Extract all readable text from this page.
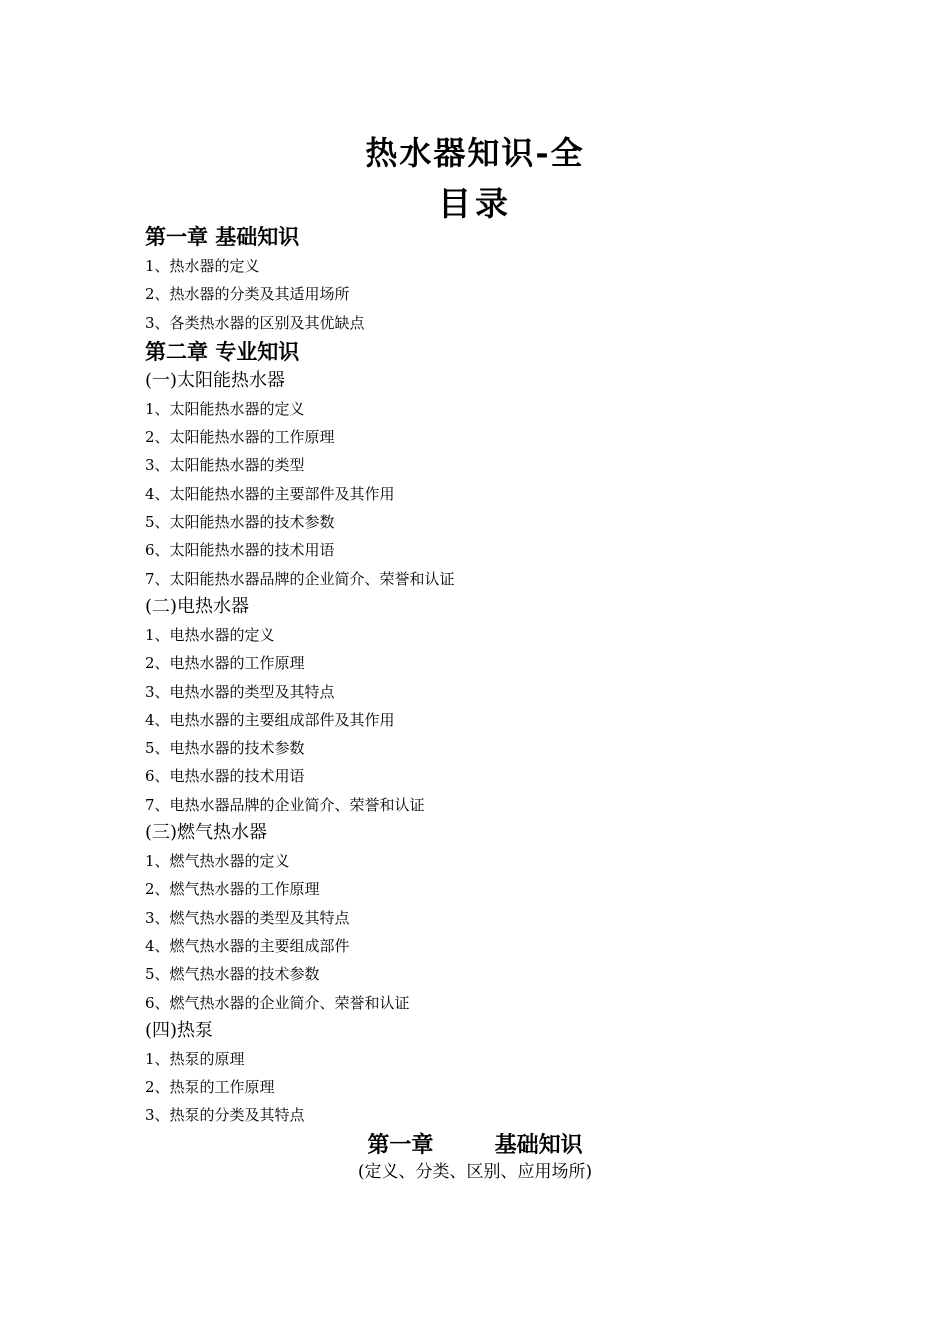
热水器知识-全
目录
第一章 基础知识
1、热水器的定义
2、热水器的分类及其适用场所
3、各类热水器的区别及其优缺点
第二章 专业知识
(一)太阳能热水器
1、太阳能热水器的定义
2、太阳能热水器的工作原理
3、太阳能热水器的类型
4、太阳能热水器的主要部件及其作用
5、太阳能热水器的技术参数
6、太阳能热水器的技术用语
7、太阳能热水器品牌的企业简介、荣誉和认证
(二)电热水器
1、电热水器的定义
2、电热水器的工作原理
3、电热水器的类型及其特点
4、电热水器的主要组成部件及其作用
5、电热水器的技术参数
6、电热水器的技术用语
7、电热水器品牌的企业简介、荣誉和认证
(三)燃气热水器
1、燃气热水器的定义
2、燃气热水器的工作原理
3、燃气热水器的类型及其特点
4、燃气热水器的主要组成部件
5、燃气热水器的技术参数
6、燃气热水器的企业简介、荣誉和认证
(四)热泵
1、热泵的原理
2、热泵的工作原理
3、热泵的分类及其特点
第一章        基础知识
(定义、分类、区别、应用场所)
